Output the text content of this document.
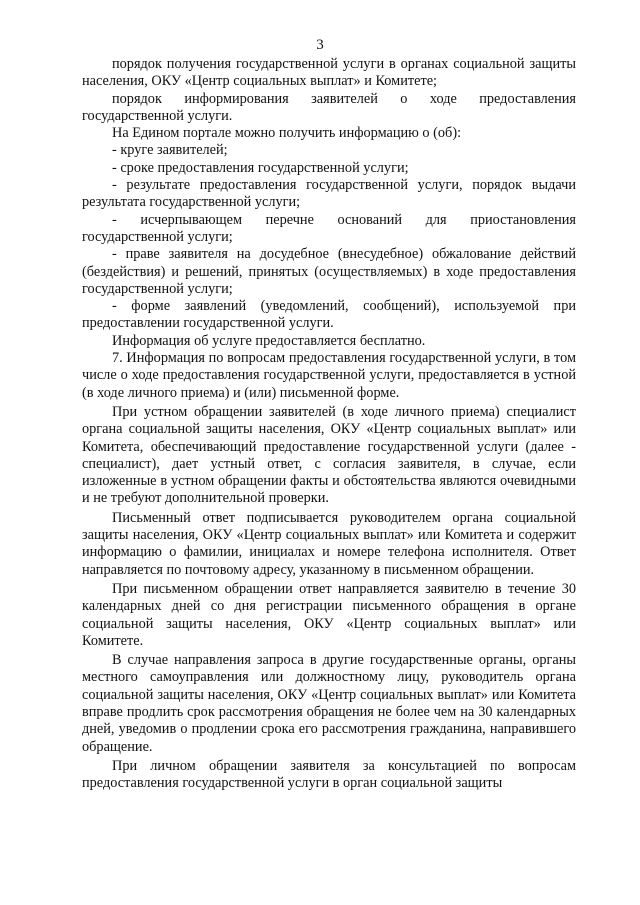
3

порядок получения государственной услуги в органах социальной защиты населения, ОКУ «Центр социальных выплат» и Комитете;

порядок информирования заявителей о ходе предоставления государственной услуги.

На Едином портале можно получить информацию о (об):

- круге заявителей;

- сроке предоставления государственной услуги;

- результате предоставления государственной услуги, порядок выдачи результата государственной услуги;

- исчерпывающем перечне оснований для приостановления государственной услуги;

- праве заявителя на досудебное (внесудебное) обжалование действий (бездействия) и решений, принятых (осуществляемых) в ходе предоставления государственной услуги;

- форме заявлений (уведомлений, сообщений), используемой при предоставлении государственной услуги.

Информация об услуге предоставляется бесплатно.

7. Информация по вопросам предоставления государственной услуги, в том числе о ходе предоставления государственной услуги, предоставляется в устной (в ходе личного приема) и (или) письменной форме.

При устном обращении заявителей (в ходе личного приема) специалист органа социальной защиты населения, ОКУ «Центр социальных выплат» или Комитета, обеспечивающий предоставление государственной услуги (далее - специалист), дает устный ответ, с согласия заявителя, в случае, если изложенные в устном обращении факты и обстоятельства являются очевидными и не требуют дополнительной проверки.

Письменный ответ подписывается руководителем органа социальной защиты населения, ОКУ «Центр социальных выплат» или Комитета и содержит информацию о фамилии, инициалах и номере телефона исполнителя. Ответ направляется по почтовому адресу, указанному в письменном обращении.

При письменном обращении ответ направляется заявителю в течение 30 календарных дней со дня регистрации письменного обращения в органе социальной защиты населения, ОКУ «Центр социальных выплат» или Комитете.

В случае направления запроса в другие государственные органы, органы местного самоуправления или должностному лицу, руководитель органа социальной защиты населения, ОКУ «Центр социальных выплат» или Комитета вправе продлить срок рассмотрения обращения не более чем на 30 календарных дней, уведомив о продлении срока его рассмотрения гражданина, направившего обращение.

При личном обращении заявителя за консультацией по вопросам предоставления государственной услуги в орган социальной защиты
